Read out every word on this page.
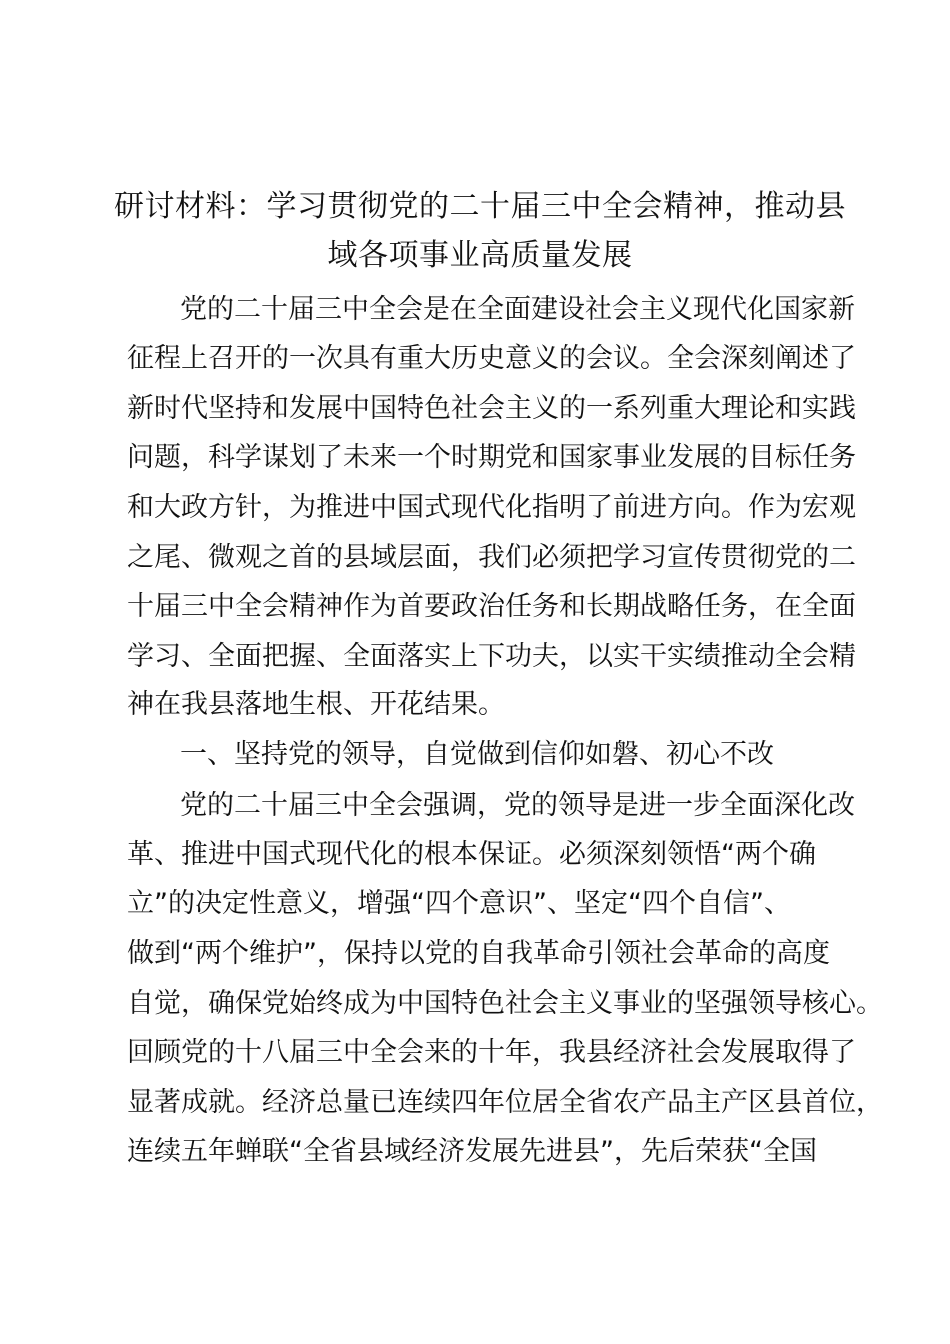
研讨材料：学习贯彻党的二十届三中全会精神，推动县
域各项事业高质量发展
党的二十届三中全会是在全面建设社会主义现代化国家新
征程上召开的一次具有重大历史意义的会议。全会深刻阐述了
新时代坚持和发展中国特色社会主义的一系列重大理论和实践
问题，科学谋划了未来一个时期党和国家事业发展的目标任务
和大政方针，为推进中国式现代化指明了前进方向。作为宏观
之尾、微观之首的县域层面，我们必须把学习宣传贯彻党的二
十届三中全会精神作为首要政治任务和长期战略任务，在全面
学习、全面把握、全面落实上下功夫，以实干实绩推动全会精
神在我县落地生根、开花结果。
一、坚持党的领导，自觉做到信仰如磐、初心不改
党的二十届三中全会强调，党的领导是进一步全面深化改
革、推进中国式现代化的根本保证。必须深刻领悟“两个确
立”的决定性意义，增强“四个意识”、坚定“四个自信”、
做到“两个维护”，保持以党的自我革命引领社会革命的高度
自觉，确保党始终成为中国特色社会主义事业的坚强领导核心。
回顾党的十八届三中全会来的十年，我县经济社会发展取得了
显著成就。经济总量已连续四年位居全省农产品主产区县首位，
连续五年蝉联“全省县域经济发展先进县”，先后荣获“全国
